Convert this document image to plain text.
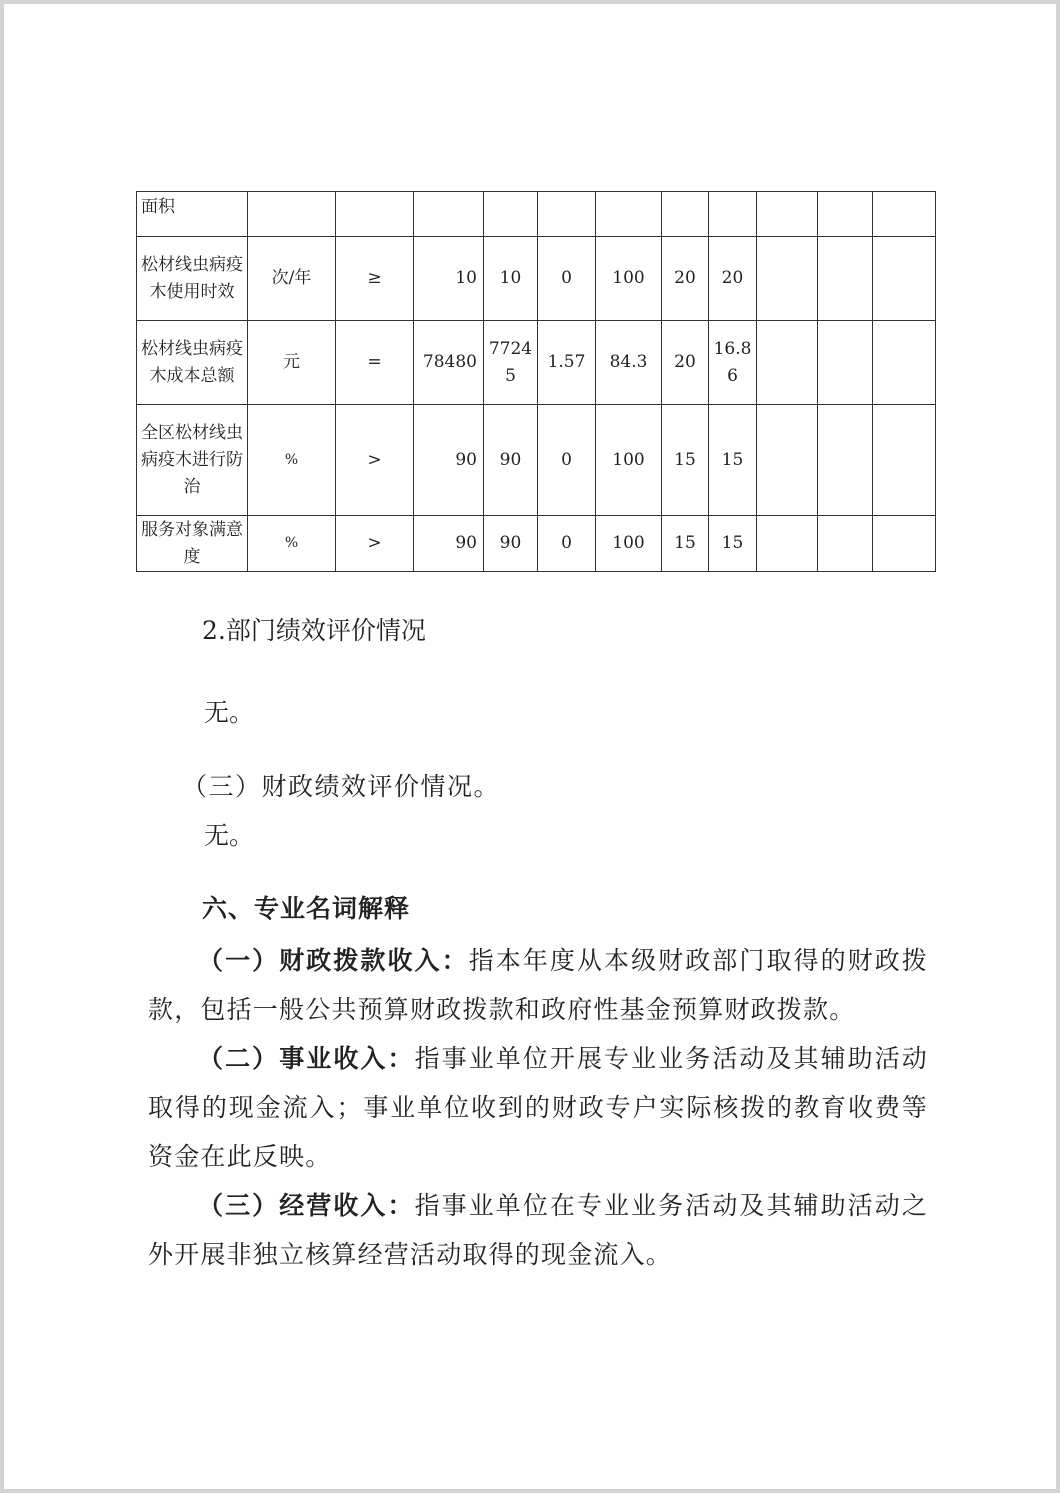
面积											
松材线虫病疫木使用时效	次/年	≥	10	10	0	100	20	20			
松材线虫病疫木成本总额	元	=	78480	77245	1.57	84.3	20	16.86			
全区松材线虫病疫木进行防治	%	>	90	90	0	100	15	15			
服务对象满意度	%	>	90	90	0	100	15	15			
2.部门绩效评价情况
无。
（三）财政绩效评价情况。
无。
六、专业名词解释
（一）财政拨款收入：指本年度从本级财政部门取得的财政拨款，包括一般公共预算财政拨款和政府性基金预算财政拨款。
（二）事业收入：指事业单位开展专业业务活动及其辅助活动取得的现金流入；事业单位收到的财政专户实际核拨的教育收费等资金在此反映。
（三）经营收入：指事业单位在专业业务活动及其辅助活动之外开展非独立核算经营活动取得的现金流入。
